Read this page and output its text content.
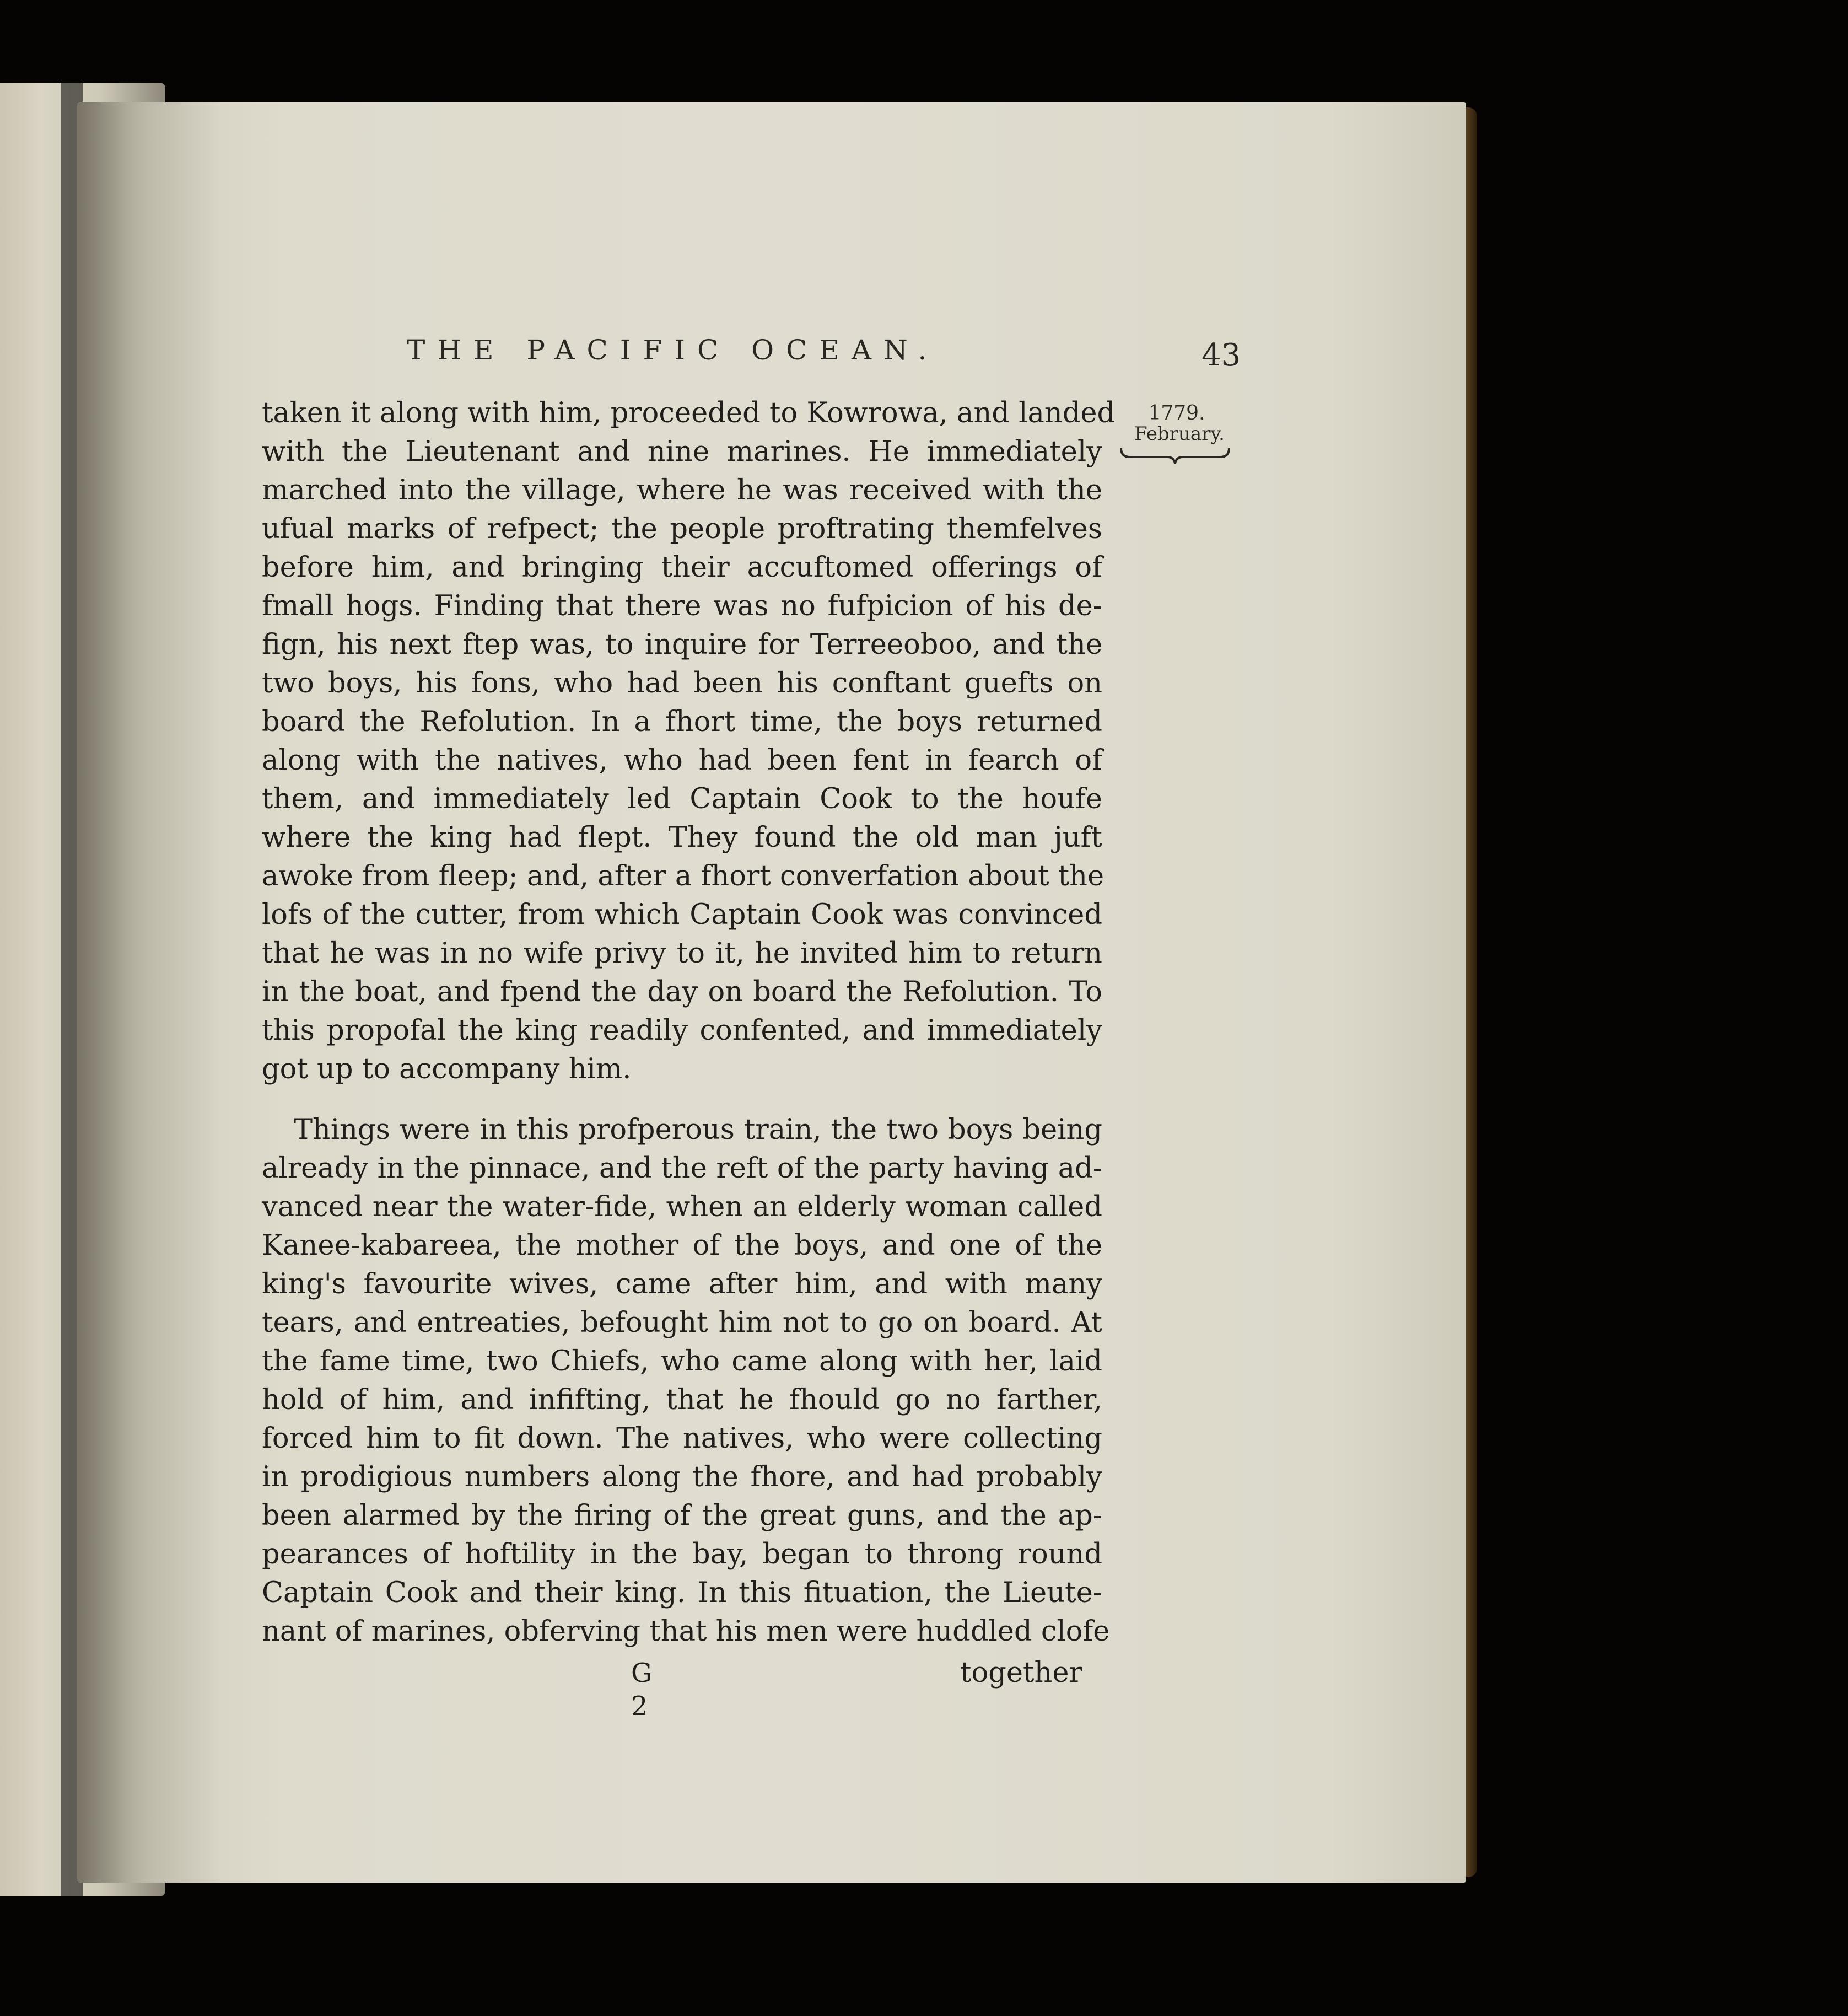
THE PACIFIC OCEAN.	43
1779.
February.
taken it along with him, proceeded to Kowrowa, and landed
with the Lieutenant and nine marines. He immediately
marched into the village, where he was received with the
ufual marks of refpect; the people proftrating themfelves
before him, and bringing their accuftomed offerings of
fmall hogs. Finding that there was no fufpicion of his de-
fign, his next ftep was, to inquire for Terreeoboo, and the
two boys, his fons, who had been his conftant guefts on
board the Refolution. In a fhort time, the boys returned
along with the natives, who had been fent in fearch of
them, and immediately led Captain Cook to the houfe
where the king had flept. They found the old man juft
awoke from fleep; and, after a fhort converfation about the
lofs of the cutter, from which Captain Cook was convinced
that he was in no wife privy to it, he invited him to return
in the boat, and fpend the day on board the Refolution. To
this propofal the king readily confented, and immediately
got up to accompany him.
Things were in this profperous train, the two boys being
already in the pinnace, and the reft of the party having ad-
vanced near the water-fide, when an elderly woman called
Kanee-kabareea, the mother of the boys, and one of the
king's favourite wives, came after him, and with many
tears, and entreaties, befought him not to go on board. At
the fame time, two Chiefs, who came along with her, laid
hold of him, and infifting, that he fhould go no farther,
forced him to fit down. The natives, who were collecting
in prodigious numbers along the fhore, and had probably
been alarmed by the firing of the great guns, and the ap-
pearances of hoftility in the bay, began to throng round
Captain Cook and their king. In this fituation, the Lieute-
nant of marines, obferving that his men were huddled clofe
G 2
together
